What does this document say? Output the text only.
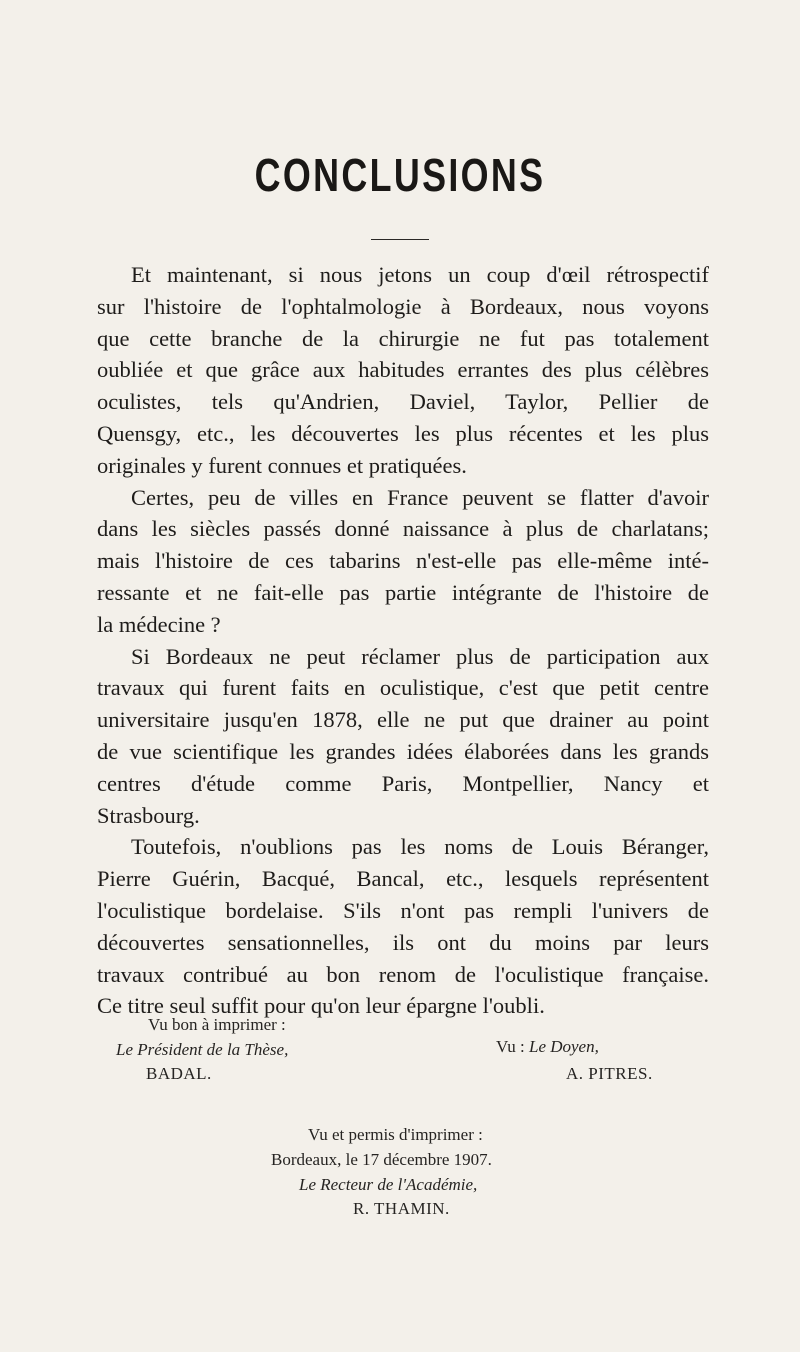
CONCLUSIONS
Et maintenant, si nous jetons un coup d'œil rétrospectif
sur l'histoire de l'ophtalmologie à Bordeaux, nous voyons
que cette branche de la chirurgie ne fut pas totalement
oubliée et que grâce aux habitudes errantes des plus célèbres
oculistes, tels qu'Andrien, Daviel, Taylor, Pellier de
Quensgy, etc., les découvertes les plus récentes et les plus
originales y furent connues et pratiquées.
Certes, peu de villes en France peuvent se flatter d'avoir
dans les siècles passés donné naissance à plus de charlatans;
mais l'histoire de ces tabarins n'est-elle pas elle-même inté-
ressante et ne fait-elle pas partie intégrante de l'histoire de
la médecine ?
Si Bordeaux ne peut réclamer plus de participation aux
travaux qui furent faits en oculistique, c'est que petit centre
universitaire jusqu'en 1878, elle ne put que drainer au point
de vue scientifique les grandes idées élaborées dans les grands
centres d'étude comme Paris, Montpellier, Nancy et
Strasbourg.
Toutefois, n'oublions pas les noms de Louis Béranger,
Pierre Guérin, Bacqué, Bancal, etc., lesquels représentent
l'oculistique bordelaise. S'ils n'ont pas rempli l'univers de
découvertes sensationnelles, ils ont du moins par leurs
travaux contribué au bon renom de l'oculistique française.
Ce titre seul suffit pour qu'on leur épargne l'oubli.
Vu bon à imprimer :
Le Président de la Thèse,
BADAL.
Vu : Le Doyen,
A. PITRES.
Vu et permis d'imprimer :
Bordeaux, le 17 décembre 1907.
Le Recteur de l'Académie,
R. THAMIN.
